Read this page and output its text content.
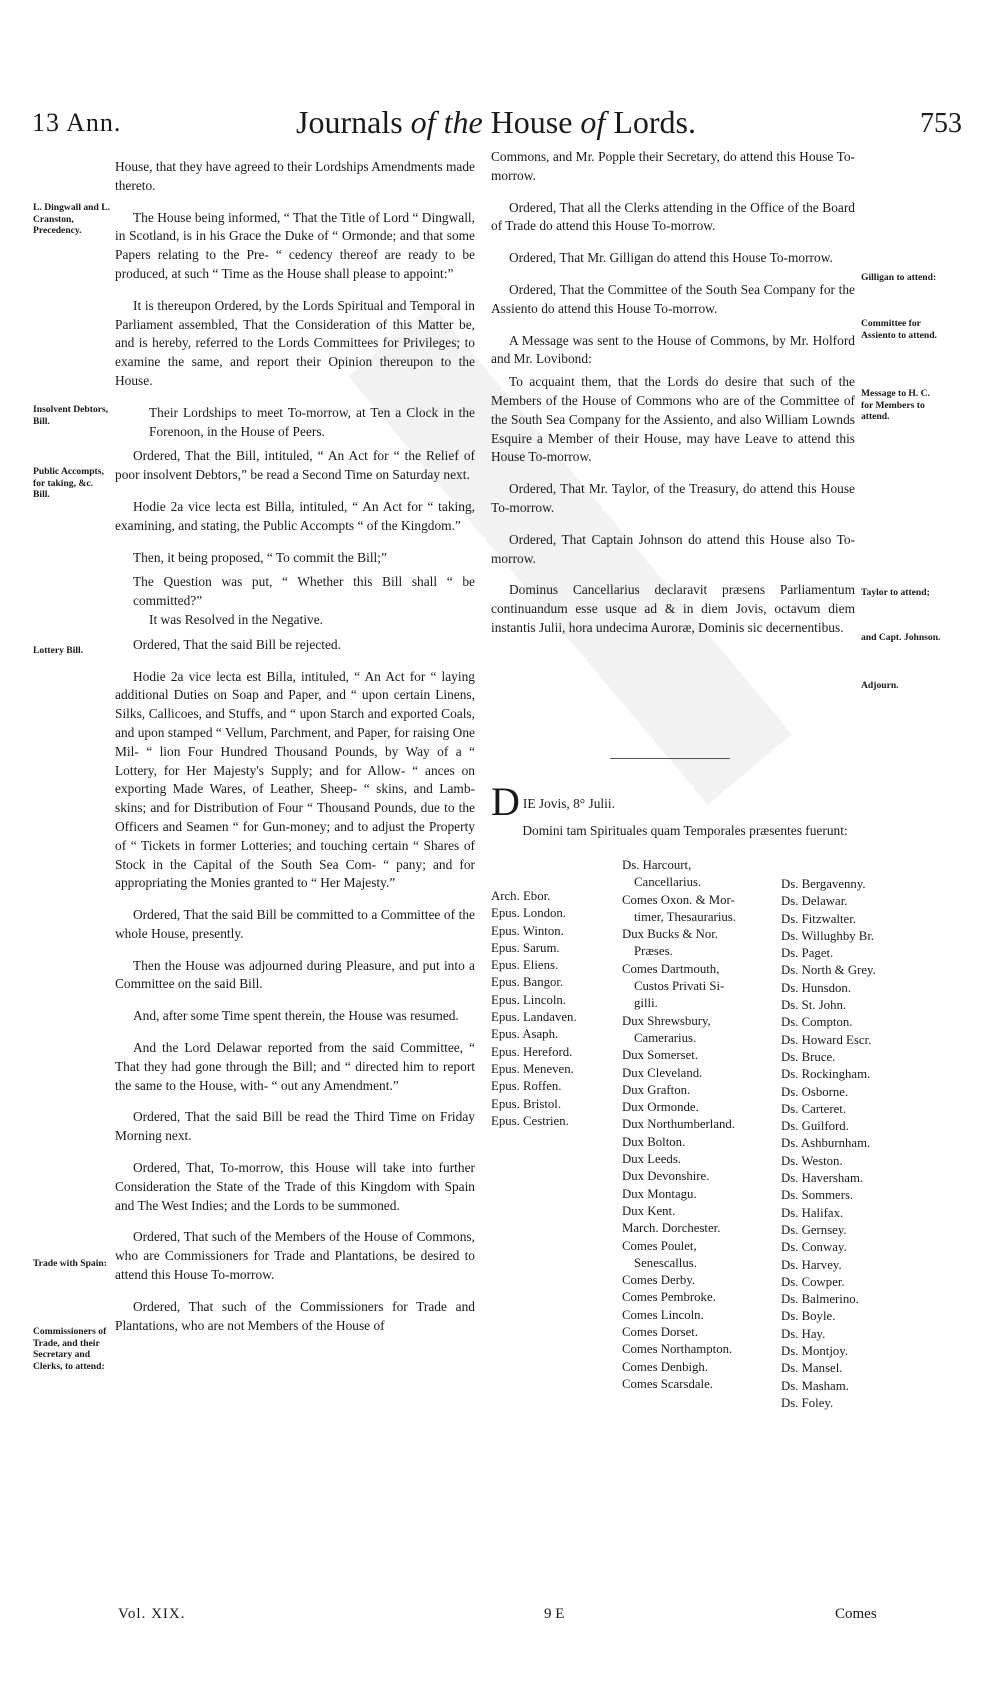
13 Ann.	Journals of the House of Lords.	753
L. Dingwall and L. Cranston, Precedency.
Insolvent Debtors, Bill.
Public Accompts, for taking, &c. Bill.
Lottery Bill.
Trade with Spain:
Commissioners of Trade, and their Secretary and Clerks, to attend:

House, that they have agreed to their Lordships Amendments made thereto.

The House being informed, “ That the Title of Lord “ Dingwall, in Scotland, is in his Grace the Duke of “ Ormonde; and that some Papers relating to the Pre- “ cedency thereof are ready to be produced, at such “ Time as the House shall please to appoint:”

It is thereupon Ordered, by the Lords Spiritual and Temporal in Parliament assembled, That the Consideration of this Matter be, and is hereby, referred to the Lords Committees for Privileges; to examine the same, and report their Opinion thereupon to the House.

Their Lordships to meet To-morrow, at Ten a Clock in the Forenoon, in the House of Peers.

Ordered, That the Bill, intituled, “ An Act for “ the Relief of poor insolvent Debtors,” be read a Second Time on Saturday next.

Hodie 2a vice lecta est Billa, intituled, “ An Act for “ taking, examining, and stating, the Public Accompts “ of the Kingdom.”

Then, it being proposed, “ To commit the Bill;”

The Question was put, “ Whether this Bill shall “ be committed?”

It was Resolved in the Negative.

Ordered, That the said Bill be rejected.

Hodie 2a vice lecta est Billa, intituled, “ An Act for “ laying additional Duties on Soap and Paper, and “ upon certain Linens, Silks, Callicoes, and Stuffs, and “ upon Starch and exported Coals, and upon stamped “ Vellum, Parchment, and Paper, for raising One Mil- “ lion Four Hundred Thousand Pounds, by Way of a “ Lottery, for Her Majesty's Supply; and for Allow- “ ances on exporting Made Wares, of Leather, Sheep- “ skins, and Lamb-skins; and for Distribution of Four “ Thousand Pounds, due to the Officers and Seamen “ for Gun-money; and to adjust the Property of “ Tickets in former Lotteries; and touching certain “ Shares of Stock in the Capital of the South Sea Com- “ pany; and for appropriating the Monies granted to “ Her Majesty.”

Ordered, That the said Bill be committed to a Committee of the whole House, presently.

Then the House was adjourned during Pleasure, and put into a Committee on the said Bill.

And, after some Time spent therein, the House was resumed.

And the Lord Delawar reported from the said Committee, “ That they had gone through the Bill; and “ directed him to report the same to the House, with- “ out any Amendment.”

Ordered, That the said Bill be read the Third Time on Friday Morning next.

Ordered, That, To-morrow, this House will take into further Consideration the State of the Trade of this Kingdom with Spain and The West Indies; and the Lords to be summoned.

Ordered, That such of the Members of the House of Commons, who are Commissioners for Trade and Plantations, be desired to attend this House To-morrow.

Ordered, That such of the Commissioners for Trade and Plantations, who are not Members of the House of

Commons, and Mr. Popple their Secretary, do attend this House To-morrow.

Ordered, That all the Clerks attending in the Office of the Board of Trade do attend this House To-morrow.

Ordered, That Mr. Gilligan do attend this House To-morrow.

Ordered, That the Committee of the South Sea Company for the Assiento do attend this House To-morrow.

A Message was sent to the House of Commons, by Mr. Holford and Mr. Lovibond:

To acquaint them, that the Lords do desire that such of the Members of the House of Commons who are of the Committee of the South Sea Company for the Assiento, and also William Lownds Esquire a Member of their House, may have Leave to attend this House To-morrow.

Ordered, That Mr. Taylor, of the Treasury, do attend this House To-morrow.

Ordered, That Captain Johnson do attend this House also To-morrow.

Dominus Cancellarius declaravit præsens Parliamentum continuandum esse usque ad & in diem Jovis, octavum diem instantis Julii, hora undecima Auroræ, Dominis sic decernentibus.

Gilligan to attend:
Committee for Assiento to attend.
Message to H. C. for Members to attend.
Taylor to attend;
and Capt. Johnson.
Adjourn.
D IE Jovis, 8° Julii.
Domini tam Spirituales quam Temporales præsentes fuerunt:
Arch. Ebor.
Epus. London.
Epus. Winton.
Epus. Sarum.
Epus. Eliens.
Epus. Bangor.
Epus. Lincoln.
Epus. Landaven.
Epus. Asaph.
Epus. Hereford.
Epus. Meneven.
Epus. Roffen.
Epus. Bristol.
Epus. Cestrien.
Ds. Harcourt,
Cancellarius.
Comes Oxon. & Mor-
timer, Thesaurarius.
Dux Bucks & Nor.
Præses.
Comes Dartmouth,
Custos Privati Si-
gilli.
Dux Shrewsbury,
Camerarius.
Dux Somerset.
Dux Cleveland.
Dux Grafton.
Dux Ormonde.
Dux Northumberland.
Dux Bolton.
Dux Leeds.
Dux Devonshire.
Dux Montagu.
Dux Kent.
March. Dorchester.
Comes Poulet,
Senescallus.
Comes Derby.
Comes Pembroke.
Comes Lincoln.
Comes Dorset.
Comes Northampton.
Comes Denbigh.
Comes Scarsdale.
Ds. Bergavenny.
Ds. Delawar.
Ds. Fitzwalter.
Ds. Willughby Br.
Ds. Paget.
Ds. North & Grey.
Ds. Hunsdon.
Ds. St. John.
Ds. Compton.
Ds. Howard Escr.
Ds. Bruce.
Ds. Rockingham.
Ds. Osborne.
Ds. Carteret.
Ds. Guilford.
Ds. Ashburnham.
Ds. Weston.
Ds. Haversham.
Ds. Sommers.
Ds. Halifax.
Ds. Gernsey.
Ds. Conway.
Ds. Harvey.
Ds. Cowper.
Ds. Balmerino.
Ds. Boyle.
Ds. Hay.
Ds. Montjoy.
Ds. Mansel.
Ds. Masham.
Ds. Foley.
Vol. XIX.	9 E	Comes
